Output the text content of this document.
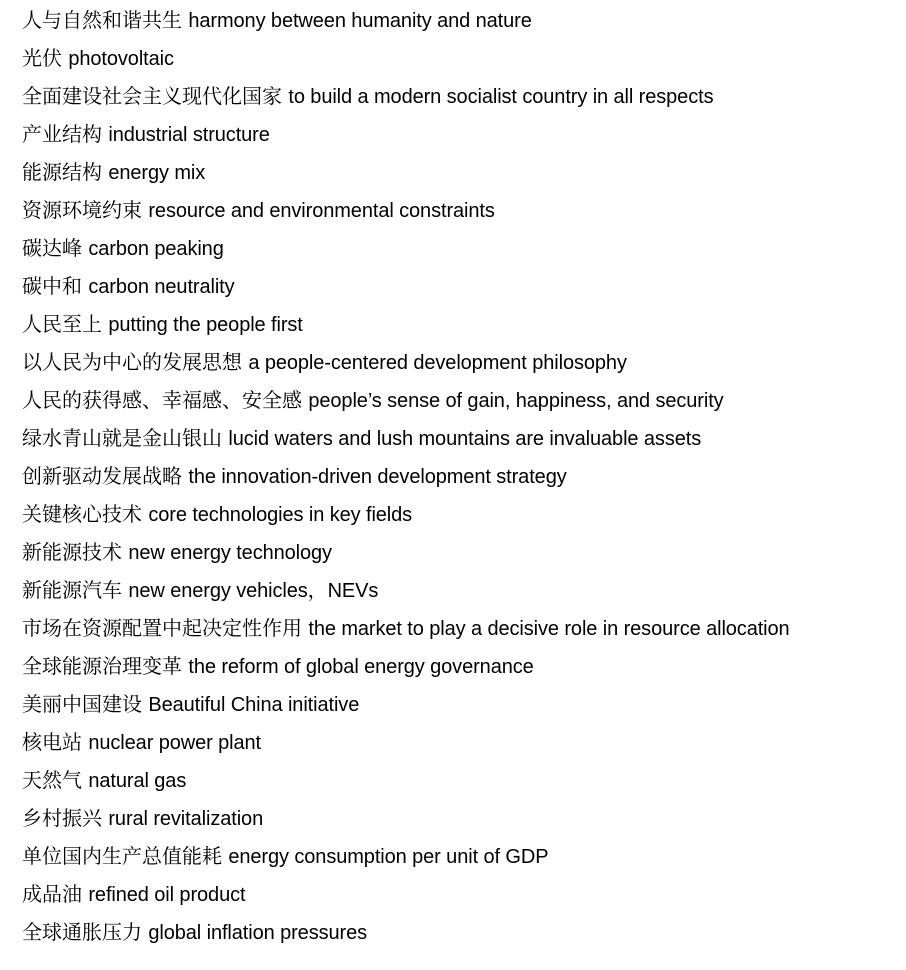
人与自然和谐共生 harmony between humanity and nature
光伏 photovoltaic
全面建设社会主义现代化国家 to build a modern socialist country in all respects
产业结构 industrial structure
能源结构 energy mix
资源环境约束 resource and environmental constraints
碳达峰 carbon peaking
碳中和 carbon neutrality
人民至上 putting the people first
以人民为中心的发展思想 a people-centered development philosophy
人民的获得感、幸福感、安全感 people’s sense of gain, happiness, and security
绿水青山就是金山银山 lucid waters and lush mountains are invaluable assets
创新驱动发展战略 the innovation-driven development strategy
关键核心技术 core technologies in key fields
新能源技术 new energy technology
新能源汽车 new energy vehicles，NEVs
市场在资源配置中起决定性作用 the market to play a decisive role in resource allocation
全球能源治理变革 the reform of global energy governance
美丽中国建设 Beautiful China initiative
核电站 nuclear power plant
天然气 natural gas
乡村振兴 rural revitalization
单位国内生产总值能耗 energy consumption per unit of GDP
成品油 refined oil product
全球通胀压力 global inflation pressures
